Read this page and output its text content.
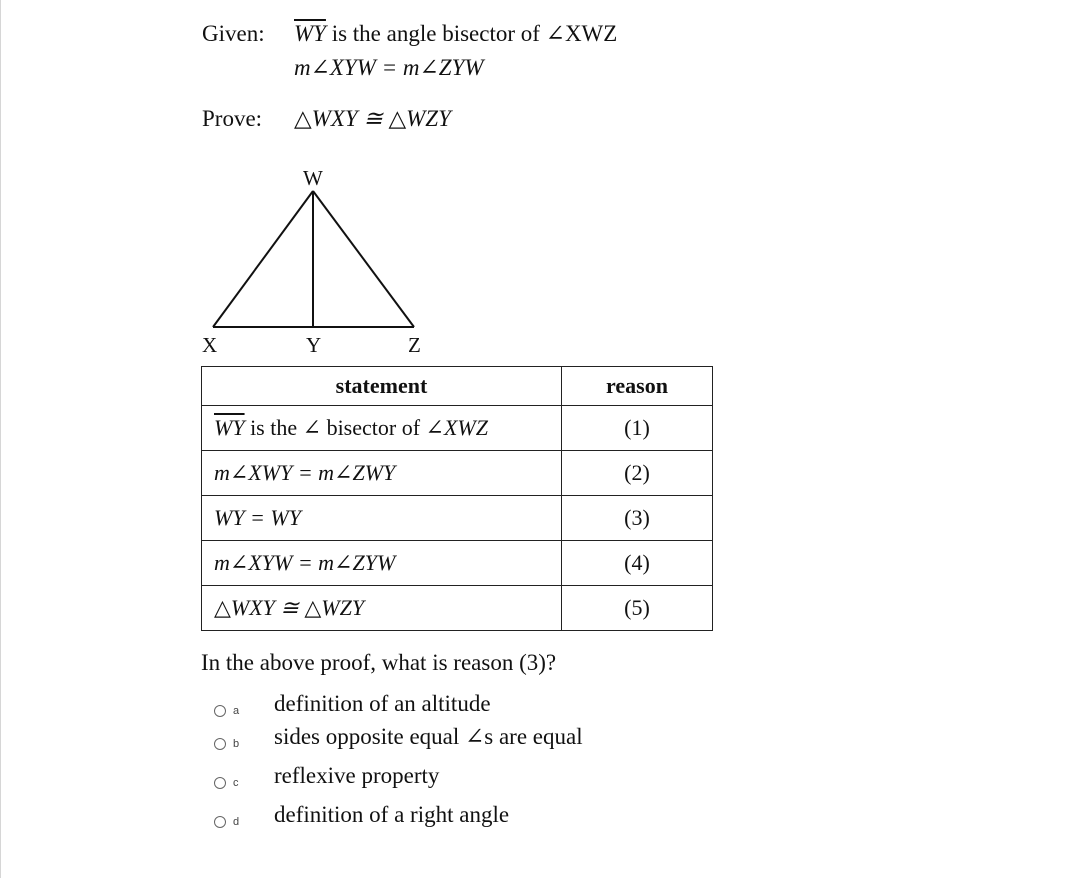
Given: $\overline{WY}$ is the angle bisector of ∠XWZ
m∠XYW = m∠ZYW
Prove: △WXY ≅ △WZY
W
X	Y	Z
statement	reason
$\overline{WY}$ is the ∠ bisector of ∠XWZ	(1)
m∠XWY = m∠ZWY	(2)
WY = WY	(3)
m∠XYW = m∠ZYW	(4)
△WXY ≅ △WZY	(5)
In the above proof, what is reason (3)?
a definition of an altitude
b sides opposite equal ∠s are equal
c reflexive property
d definition of a right angle
